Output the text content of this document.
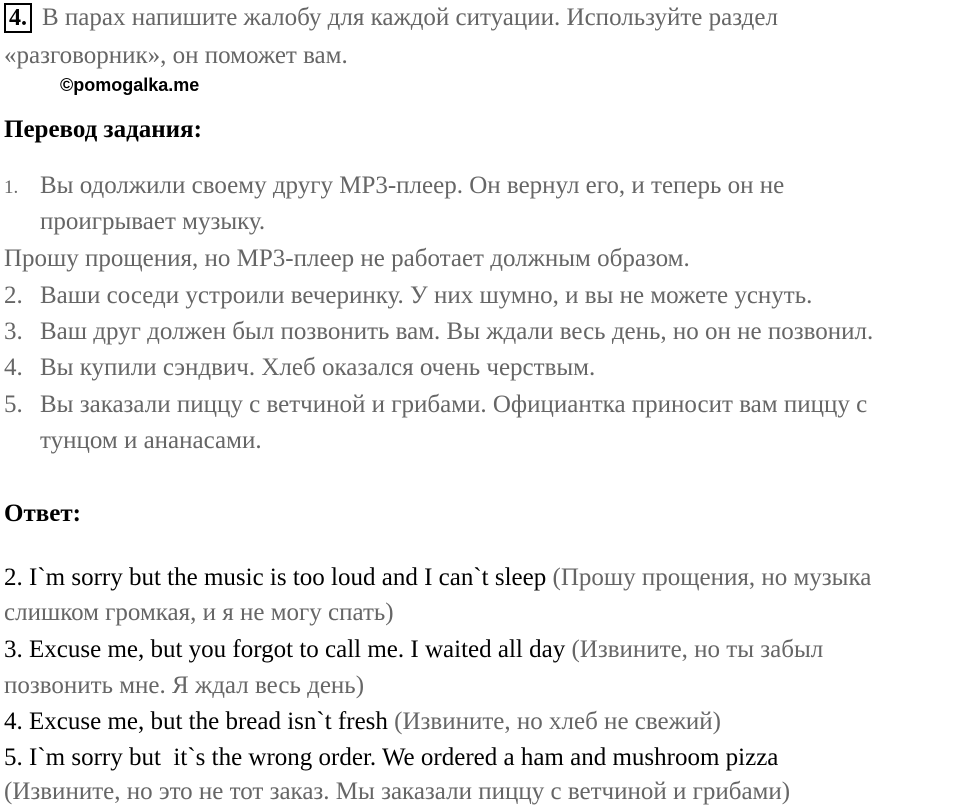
4. В парах напишите жалобу для каждой ситуации. Используйте раздел
«разговорник», он поможет вам.
©pomogalka.me
Перевод задания:
1. Вы одолжили своему другу MP3-плеер. Он вернул его, и теперь он не
проигрывает музыку.
Прошу прощения, но MP3-плеер не работает должным образом.
2. Ваши соседи устроили вечеринку. У них шумно, и вы не можете уснуть.
3. Ваш друг должен был позвонить вам. Вы ждали весь день, но он не позвонил.
4. Вы купили сэндвич. Хлеб оказался очень черствым.
5. Вы заказали пиццу с ветчиной и грибами. Официантка приносит вам пиццу с
тунцом и ананасами.
Ответ:
2. I`m sorry but the music is too loud and I can`t sleep (Прошу прощения, но музыка
слишком громкая, и я не могу спать)
3. Excuse me, but you forgot to call me. I waited all day (Извините, но ты забыл
позвонить мне. Я ждал весь день)
4. Excuse me, but the bread isn`t fresh (Извините, но хлеб не свежий)
5. I`m sorry but  it`s the wrong order. We ordered a ham and mushroom pizza
(Извините, но это не тот заказ. Мы заказали пиццу с ветчиной и грибами)
